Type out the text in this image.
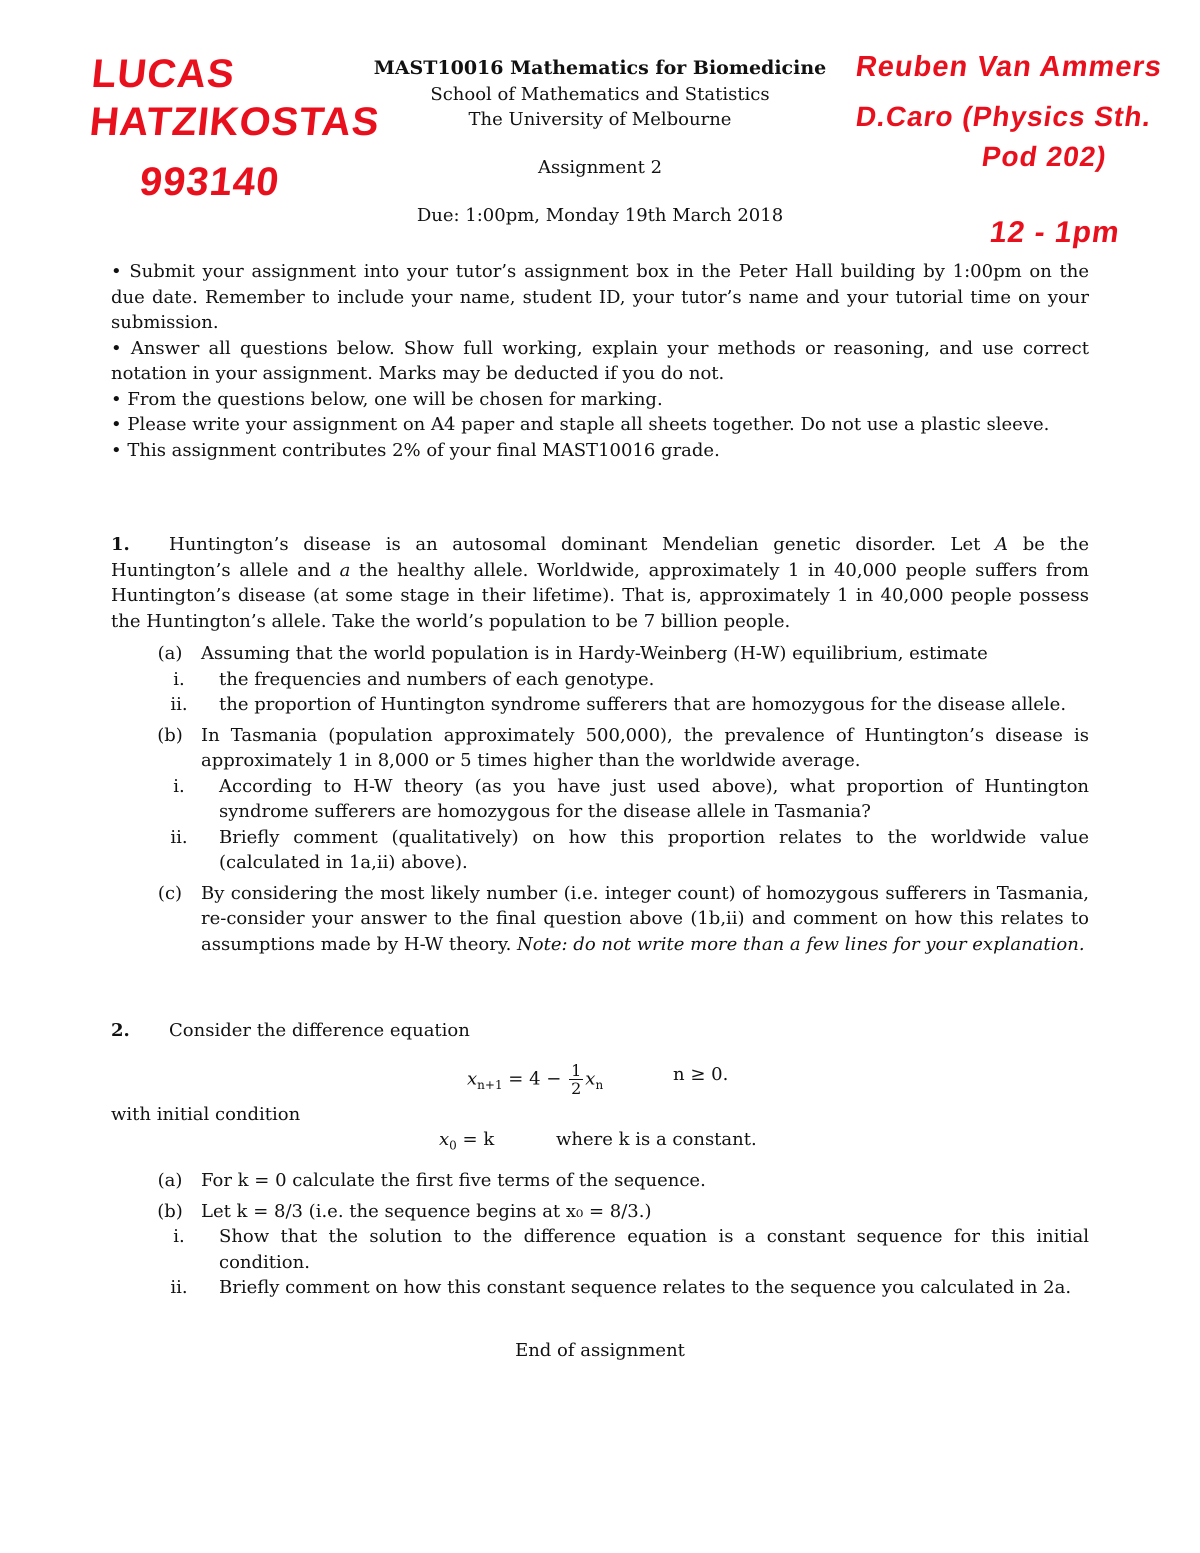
LUCAS
HATZIKOSTAS
993140
Reuben Van Ammers
D.Caro (Physics Sth.
Pod 202)
12 - 1pm
MAST10016 Mathematics for Biomedicine
School of Mathematics and Statistics
The University of Melbourne
Assignment 2
Due: 1:00pm, Monday 19th March 2018

• Submit your assignment into your tutor’s assignment box in the Peter Hall building by 1:00pm on the due date. Remember to include your name, student ID, your tutor’s name and your tutorial time on your submission.

• Answer all questions below. Show full working, explain your methods or reasoning, and use correct notation in your assignment. Marks may be deducted if you do not.

• From the questions below, one will be chosen for marking.

• Please write your assignment on A4 paper and staple all sheets together. Do not use a plastic sleeve.

• This assignment contributes 2% of your final MAST10016 grade.

1. Huntington’s disease is an autosomal dominant Mendelian genetic disorder. Let A be the Huntington’s allele and a the healthy allele. Worldwide, approximately 1 in 40,000 people suffers from Huntington’s disease (at some stage in their lifetime). That is, approximately 1 in 40,000 people possess the Huntington’s allele. Take the world’s population to be 7 billion people.

(a)	Assuming that the world population is in Hardy-Weinberg (H-W) equilibrium, estimate
i.	the frequencies and numbers of each genotype.
ii.	the proportion of Huntington syndrome sufferers that are homozygous for the disease allele.
(b)	In Tasmania (population approximately 500,000), the prevalence of Huntington’s disease is approximately 1 in 8,000 or 5 times higher than the worldwide average.
i.	According to H-W theory (as you have just used above), what proportion of Huntington syndrome sufferers are homozygous for the disease allele in Tasmania?
ii.	Briefly comment (qualitatively) on how this proportion relates to the worldwide value (calculated in 1a,ii) above).
(c)	By considering the most likely number (i.e. integer count) of homozygous sufferers in Tasmania, re-consider your answer to the final question above (1b,ii) and comment on how this relates to assumptions made by H-W theory. Note: do not write more than a few lines for your explanation.

2. Consider the difference equation

$x_{n+1} = 4 - \frac{1}{2} x_n$
n ≥ 0.
with initial condition
$x_0 = k$	where k is a constant.
(a)	For k = 0 calculate the first five terms of the sequence.
(b)	Let k = 8/3 (i.e. the sequence begins at x₀ = 8/3.)
i.	Show that the solution to the difference equation is a constant sequence for this initial condition.
ii.	Briefly comment on how this constant sequence relates to the sequence you calculated in 2a.
End of assignment
